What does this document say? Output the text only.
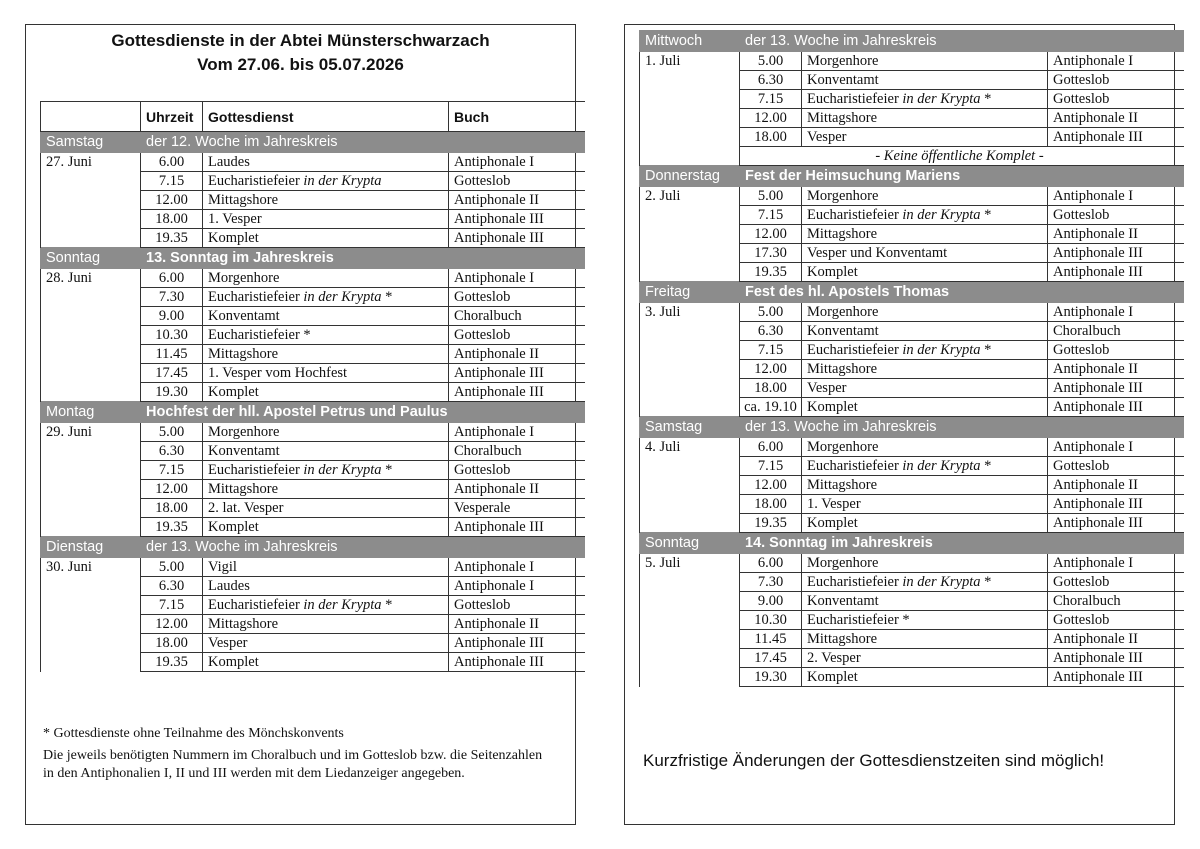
Gottesdienste in der Abtei Münsterschwarzach
Vom 27.06. bis 05.07.2026
	Uhrzeit	Gottesdienst	Buch	
Samstag	der 12. Woche im Jahreskreis			
27. Juni	6.00	Laudes	Antiphonale I	
	7.15	Eucharistiefeier in der Krypta	Gotteslob	
	12.00	Mittagshore	Antiphonale II	
	18.00	1. Vesper	Antiphonale III	
	19.35	Komplet	Antiphonale III	
Sonntag	13. Sonntag im Jahreskreis			
28. Juni	6.00	Morgenhore	Antiphonale I	
	7.30	Eucharistiefeier in der Krypta *	Gotteslob	
	9.00	Konventamt	Choralbuch	
	10.30	Eucharistiefeier *	Gotteslob	
	11.45	Mittagshore	Antiphonale II	
	17.45	1. Vesper vom Hochfest	Antiphonale III	
	19.30	Komplet	Antiphonale III	
Montag	Hochfest der hll. Apostel Petrus und Paulus			
29. Juni	5.00	Morgenhore	Antiphonale I	
	6.30	Konventamt	Choralbuch	
	7.15	Eucharistiefeier in der Krypta *	Gotteslob	
	12.00	Mittagshore	Antiphonale II	
	18.00	2. lat. Vesper	Vesperale	
	19.35	Komplet	Antiphonale III	
Dienstag	der 13. Woche im Jahreskreis			
30. Juni	5.00	Vigil	Antiphonale I	
	6.30	Laudes	Antiphonale I	
	7.15	Eucharistiefeier in der Krypta *	Gotteslob	
	12.00	Mittagshore	Antiphonale II	
	18.00	Vesper	Antiphonale III	
	19.35	Komplet	Antiphonale III	
* Gottesdienste ohne Teilnahme des Mönchskonvents
Die jeweils benötigten Nummern im Choralbuch und im Gotteslob bzw. die Seitenzahlen in den Antiphonalien I, II und III werden mit dem Liedanzeiger angegeben.
Mittwoch	der 13. Woche im Jahreskreis			
1. Juli	5.00	Morgenhore	Antiphonale I	
	6.30	Konventamt	Gotteslob	
	7.15	Eucharistiefeier in der Krypta *	Gotteslob	
	12.00	Mittagshore	Antiphonale II	
	18.00	Vesper	Antiphonale III	
	- Keine öffentliche Komplet -			
Donnerstag	Fest der Heimsuchung Mariens			
2. Juli	5.00	Morgenhore	Antiphonale I	
	7.15	Eucharistiefeier in der Krypta *	Gotteslob	
	12.00	Mittagshore	Antiphonale II	
	17.30	Vesper und Konventamt	Antiphonale III	
	19.35	Komplet	Antiphonale III	
Freitag	Fest des hl. Apostels Thomas			
3. Juli	5.00	Morgenhore	Antiphonale I	
	6.30	Konventamt	Choralbuch	
	7.15	Eucharistiefeier in der Krypta *	Gotteslob	
	12.00	Mittagshore	Antiphonale II	
	18.00	Vesper	Antiphonale III	
	ca. 19.10	Komplet	Antiphonale III	
Samstag	der 13. Woche im Jahreskreis			
4. Juli	6.00	Morgenhore	Antiphonale I	
	7.15	Eucharistiefeier in der Krypta *	Gotteslob	
	12.00	Mittagshore	Antiphonale II	
	18.00	1. Vesper	Antiphonale III	
	19.35	Komplet	Antiphonale III	
Sonntag	14. Sonntag im Jahreskreis			
5. Juli	6.00	Morgenhore	Antiphonale I	
	7.30	Eucharistiefeier in der Krypta *	Gotteslob	
	9.00	Konventamt	Choralbuch	
	10.30	Eucharistiefeier *	Gotteslob	
	11.45	Mittagshore	Antiphonale II	
	17.45	2. Vesper	Antiphonale III	
	19.30	Komplet	Antiphonale III	
Kurzfristige Änderungen der Gottesdienstzeiten sind möglich!
